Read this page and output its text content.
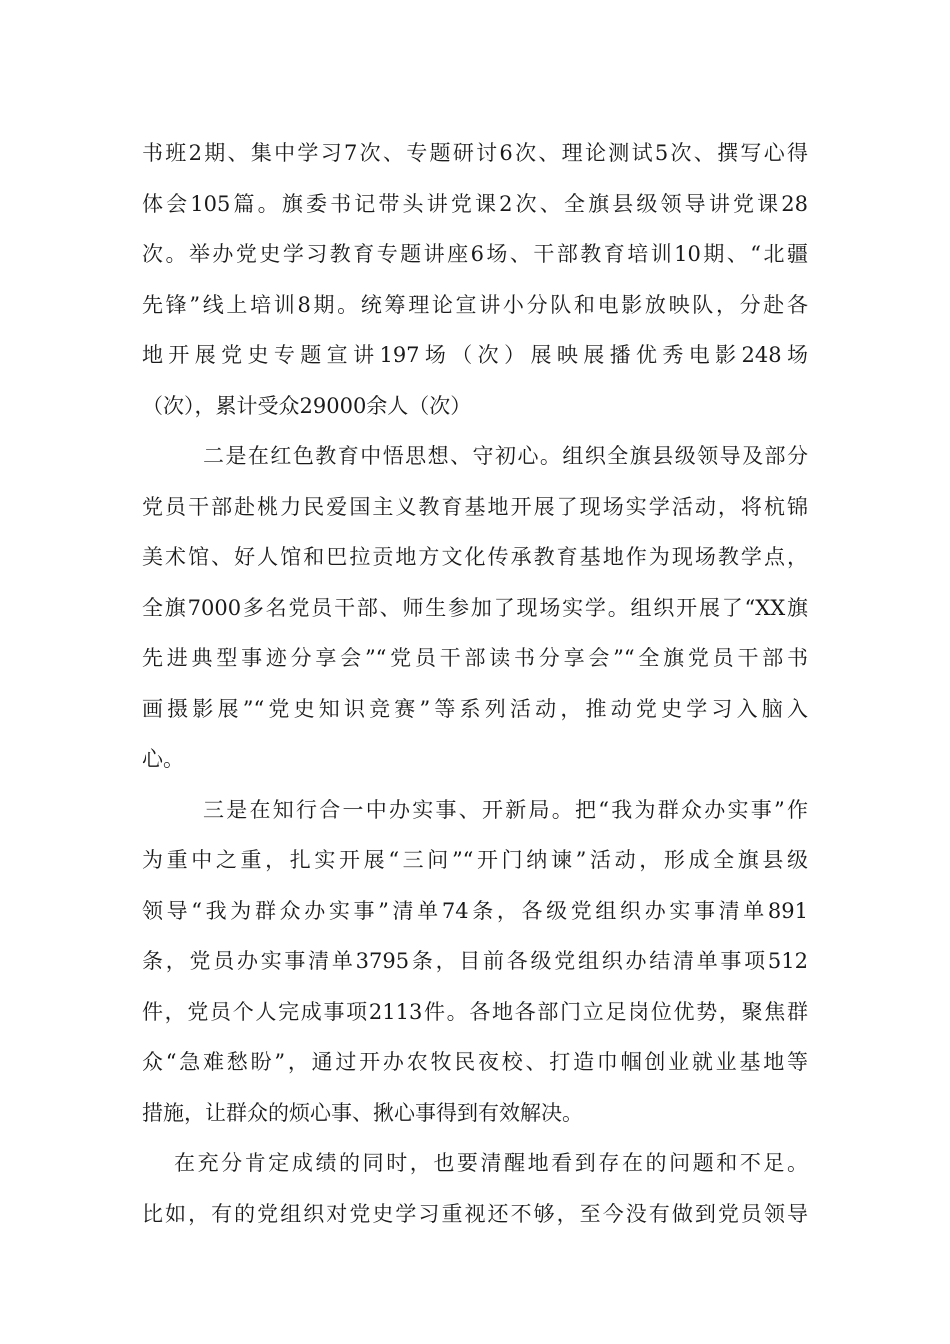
书班2期、集中学习7次、专题研讨6次、理论测试5次、撰写心得
体会105篇。旗委书记带头讲党课2次、全旗县级领导讲党课28
次。举办党史学习教育专题讲座6场、干部教育培训10期、“北疆
先锋”线上培训8期。统筹理论宣讲小分队和电影放映队，分赴各
地开展党史专题宣讲197场（次）展映展播优秀电影248场
（次），累计受众29000余人（次）
二是在红色教育中悟思想、守初心。组织全旗县级领导及部分
党员干部赴桃力民爱国主义教育基地开展了现场实学活动，将杭锦
美术馆、好人馆和巴拉贡地方文化传承教育基地作为现场教学点，
全旗7000多名党员干部、师生参加了现场实学。组织开展了“XX旗
先进典型事迹分享会”“党员干部读书分享会”“全旗党员干部书
画摄影展”“党史知识竞赛”等系列活动，推动党史学习入脑入
心。
三是在知行合一中办实事、开新局。把“我为群众办实事”作
为重中之重，扎实开展“三问”“开门纳谏”活动，形成全旗县级
领导“我为群众办实事”清单74条，各级党组织办实事清单891
条，党员办实事清单3795条，目前各级党组织办结清单事项512
件，党员个人完成事项2113件。各地各部门立足岗位优势，聚焦群
众“急难愁盼”，通过开办农牧民夜校、打造巾帼创业就业基地等
措施，让群众的烦心事、揪心事得到有效解决。
在充分肯定成绩的同时，也要清醒地看到存在的问题和不足。
比如，有的党组织对党史学习重视还不够，至今没有做到党员领导
